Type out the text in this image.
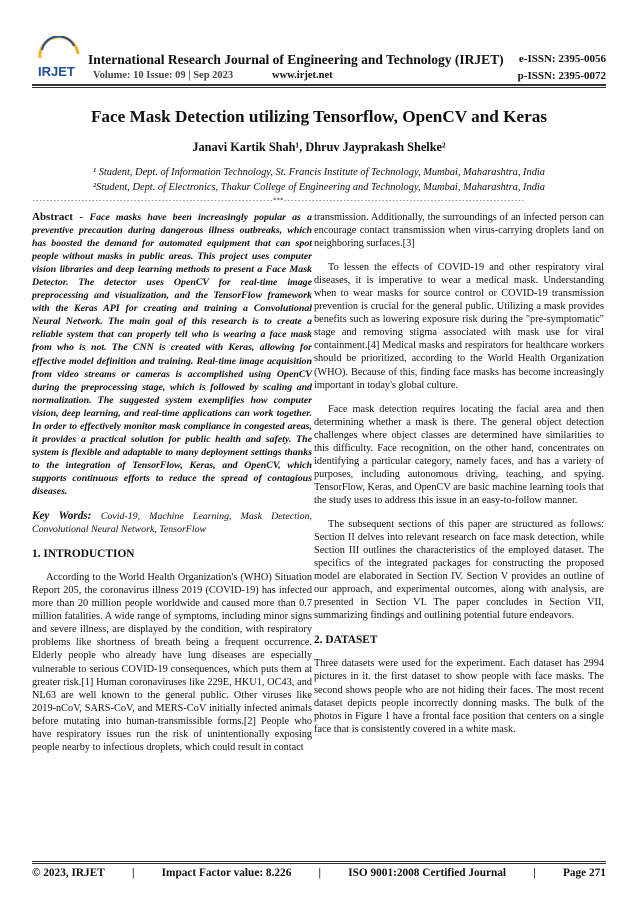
IRJET
International Research Journal of Engineering and Technology (IRJET)
Volume: 10 Issue: 09 | Sep 2023	www.irjet.net
e-ISSN: 2395-0056
p-ISSN: 2395-0072
Face Mask Detection utilizing Tensorflow, OpenCV and Keras
Janavi Kartik Shah¹, Dhruv Jayprakash Shelke²
¹ Student, Dept. of Information Technology, St. Francis Institute of Technology, Mumbai, Maharashtra, India
²Student, Dept. of Electronics, Thakur College of Engineering and Technology, Mumbai, Maharashtra, India
---------------------------------------------------------------------***---------------------------------------------------------------------

Abstract - Face masks have been increasingly popular as a preventive precaution during dangerous illness outbreaks, which has boosted the demand for automated equipment that can spot people without masks in public areas. This project uses computer vision libraries and deep learning methods to present a Face Mask Detector. The detector uses OpenCV for real-time image preprocessing and visualization, and the TensorFlow framework with the Keras API for creating and training a Convolutional Neural Network. The main goal of this research is to create a reliable system that can properly tell who is wearing a face mask from who is not. The CNN is created with Keras, allowing for effective model definition and training. Real-time image acquisition from video streams or cameras is accomplished using OpenCV during the preprocessing stage, which is followed by scaling and normalization. The suggested system exemplifies how computer vision, deep learning, and real-time applications can work together. In order to effectively monitor mask compliance in congested areas, it provides a practical solution for public health and safety. The system is flexible and adaptable to many deployment settings thanks to the integration of TensorFlow, Keras, and OpenCV, which supports continuous efforts to reduce the spread of contagious diseases.

Key Words: Covid-19, Machine Learning, Mask Detection, Convolutional Neural Network, TensorFlow

1. INTRODUCTION

According to the World Health Organization's (WHO) Situation Report 205, the coronavirus illness 2019 (COVID-19) has infected more than 20 million people worldwide and caused more than 0.7 million fatalities. A wide range of symptoms, including minor signs and severe illness, are displayed by the condition, with respiratory problems like shortness of breath being a frequent occurrence. Elderly people who already have lung diseases are especially vulnerable to serious COVID-19 consequences, which puts them at greater risk.[1] Human coronaviruses like 229E, HKU1, OC43, and NL63 are well known to the general public. Other viruses like 2019-nCoV, SARS-CoV, and MERS-CoV initially infected animals before mutating into human-transmissible forms.[2] People who have respiratory issues run the risk of unintentionally exposing people nearby to infectious droplets, which could result in contact

transmission. Additionally, the surroundings of an infected person can encourage contact transmission when virus-carrying droplets land on neighboring surfaces.[3]

To lessen the effects of COVID-19 and other respiratory viral diseases, it is imperative to wear a medical mask. Understanding when to wear masks for source control or COVID-19 transmission prevention is crucial for the general public. Utilizing a mask provides benefits such as lowering exposure risk during the "pre-symptomatic" stage and removing stigma associated with mask use for viral containment.[4] Medical masks and respirators for healthcare workers should be prioritized, according to the World Health Organization (WHO). Because of this, finding face masks has become increasingly important in today's global culture.

Face mask detection requires locating the facial area and then determining whether a mask is there. The general object detection challenges where object classes are determined have similarities to this difficulty. Face recognition, on the other hand, concentrates on identifying a particular category, namely faces, and has a variety of purposes, including autonomous driving, teaching, and spying. TensorFlow, Keras, and OpenCV are basic machine learning tools that the study uses to address this issue in an easy-to-follow manner.

The subsequent sections of this paper are structured as follows: Section II delves into relevant research on face mask detection, while Section III outlines the characteristics of the employed dataset. The specifics of the integrated packages for constructing the proposed model are elaborated in Section IV. Section V provides an outline of our approach, and experimental outcomes, along with analysis, are presented in Section VI. The paper concludes in Section VII, summarizing findings and outlining potential future endeavors.

2. DATASET

Three datasets were used for the experiment. Each dataset has 2994 pictures in it. the first dataset to show people with face masks. The second shows people who are not hiding their faces. The most recent dataset depicts people incorrectly donning masks. The bulk of the photos in Figure 1 have a frontal face position that centers on a single face that is consistently covered in a white mask.

© 2023, IRJET | Impact Factor value: 8.226 | ISO 9001:2008 Certified Journal | Page 271
